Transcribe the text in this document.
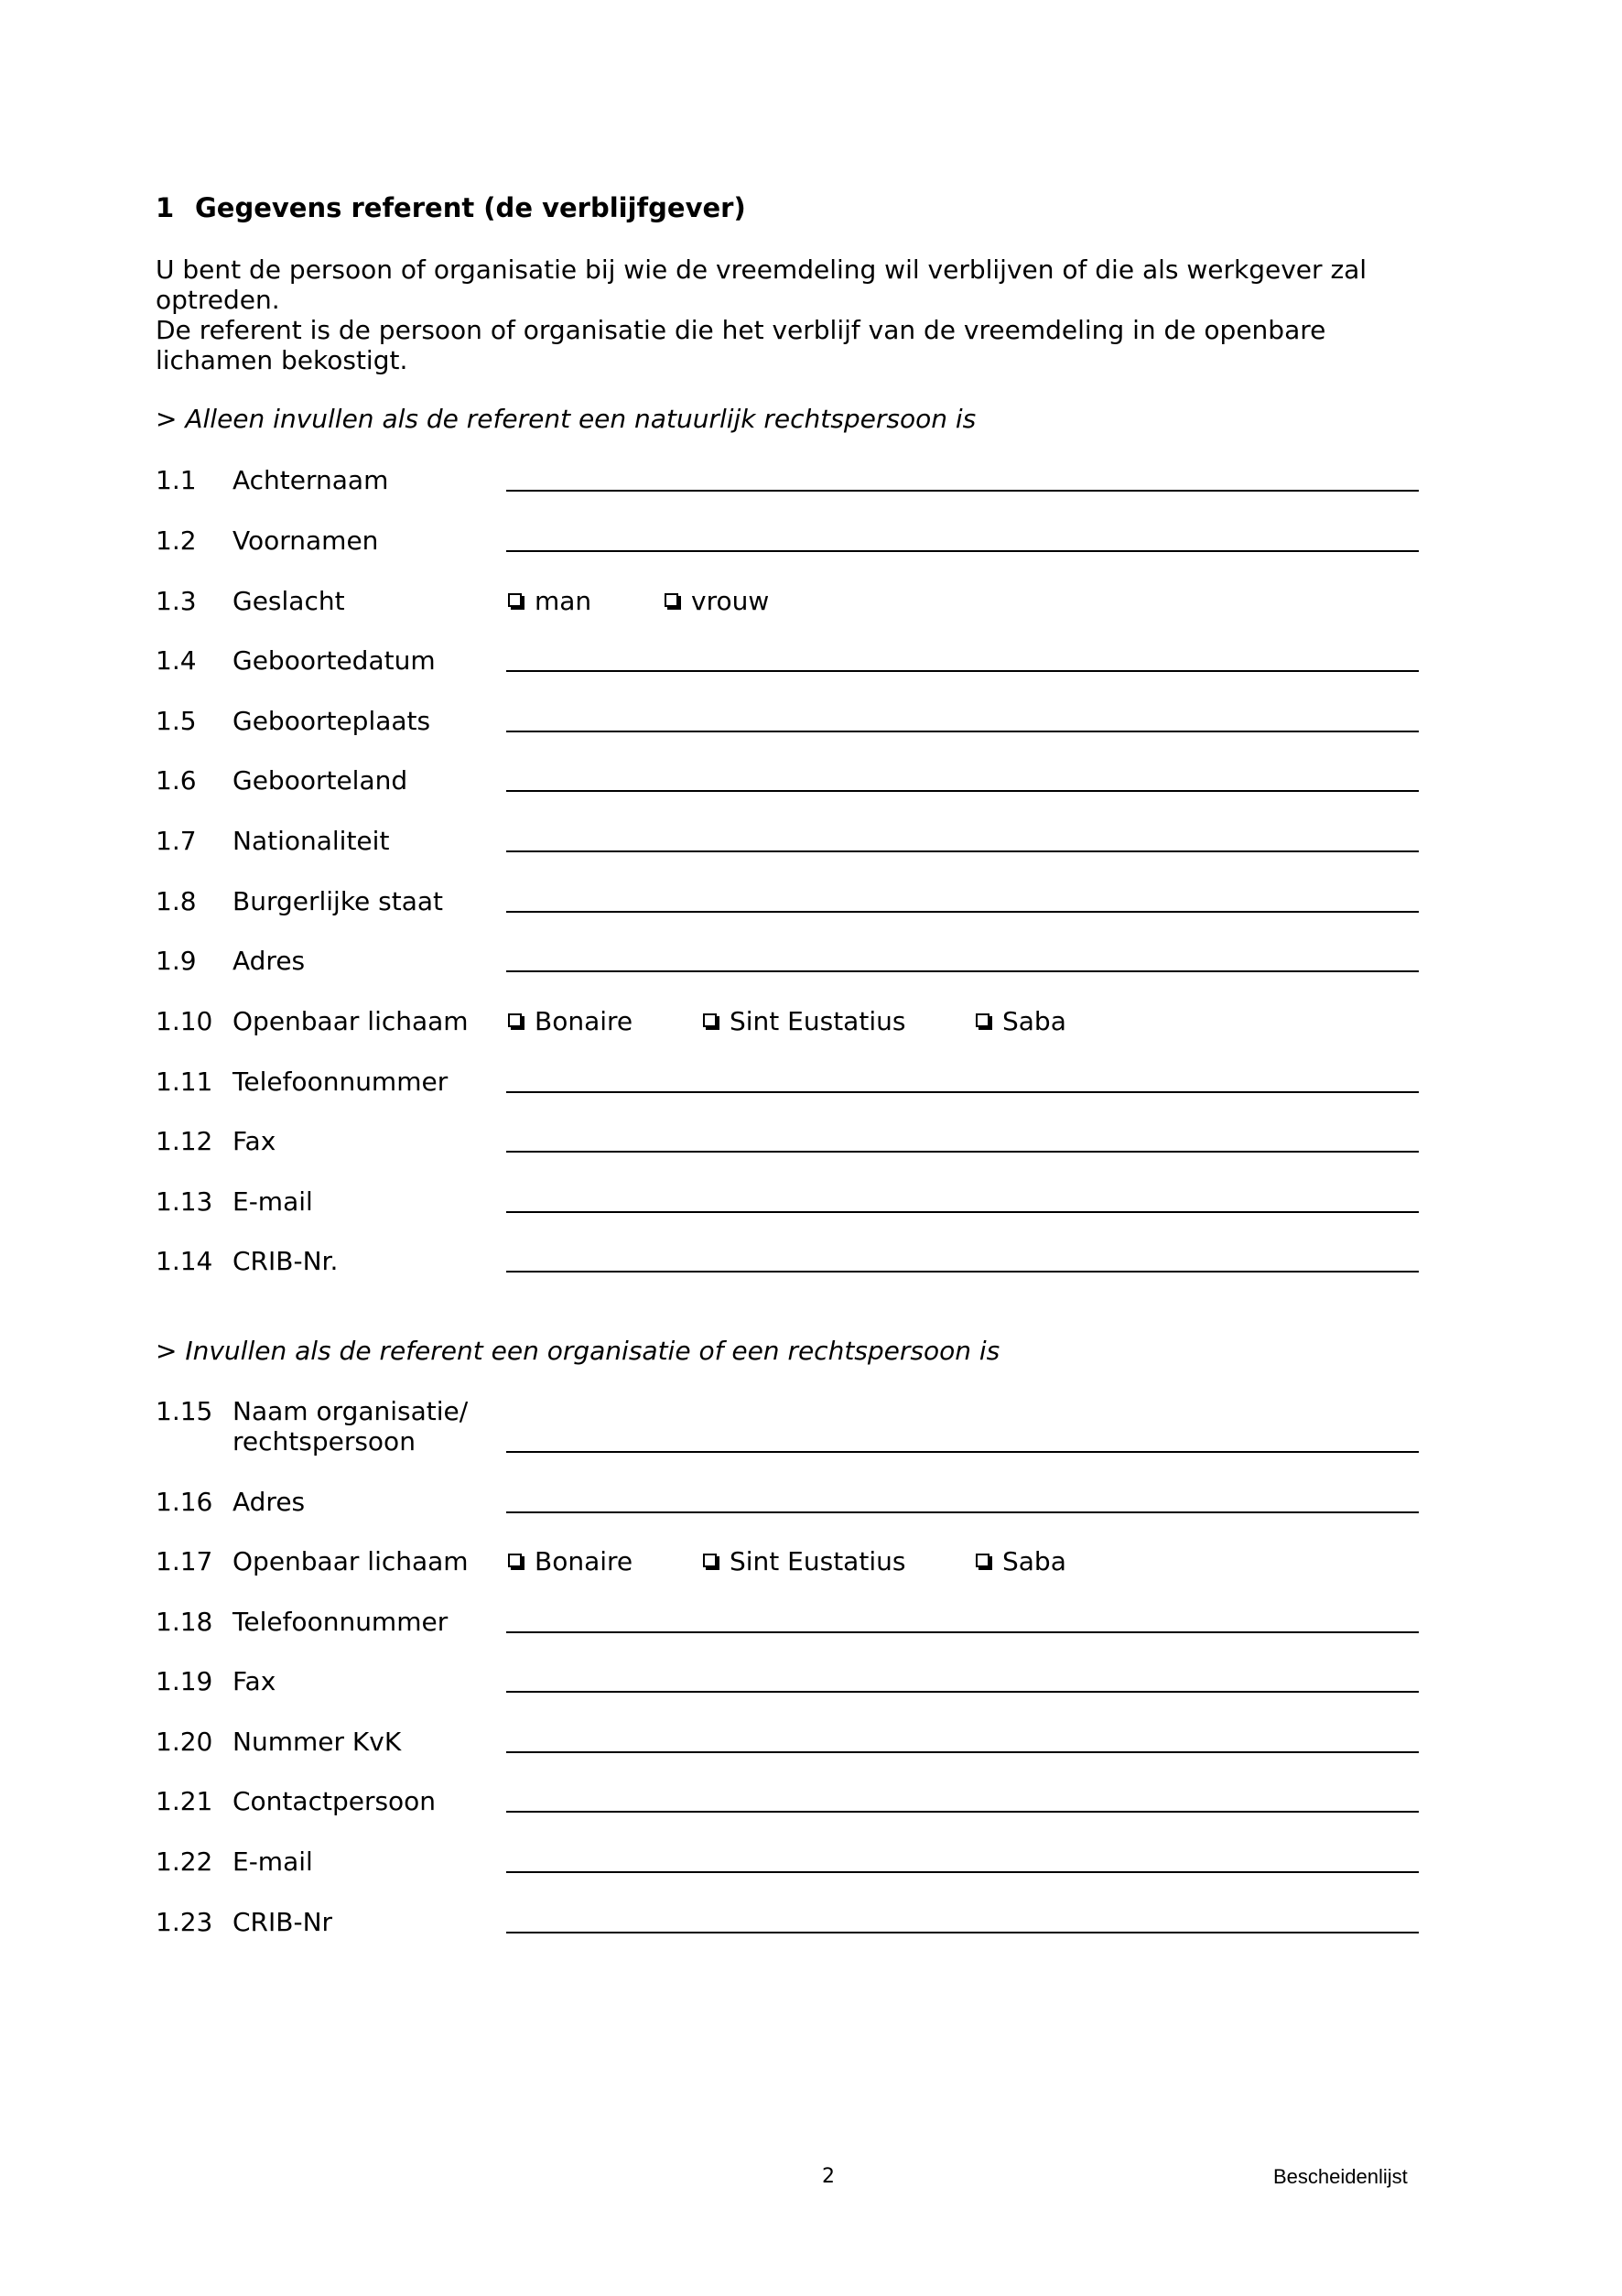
1 Gegevens referent (de verblijfgever)

U bent de persoon of organisatie bij wie de vreemdeling wil verblijven of die als werkgever zal optreden.

De referent is de persoon of organisatie die het verblijf van de vreemdeling in de openbare lichamen bekostigt.

> Alleen invullen als de referent een natuurlijk rechtspersoon is
1.1 Achternaam
1.2 Voornamen
1.3 Geslacht	man	vrouw
1.4 Geboortedatum
1.5 Geboorteplaats
1.6 Geboorteland
1.7 Nationaliteit
1.8 Burgerlijke staat
1.9 Adres
1.10 Openbaar lichaam	Bonaire	Sint Eustatius	Saba
1.11 Telefoonnummer
1.12 Fax
1.13 E-mail
1.14 CRIB-Nr.
> Invullen als de referent een organisatie of een rechtspersoon is
1.15 Naam organisatie/
rechtspersoon
1.16 Adres
1.17 Openbaar lichaam	Bonaire	Sint Eustatius	Saba
1.18 Telefoonnummer
1.19 Fax
1.20 Nummer KvK
1.21 Contactpersoon
1.22 E-mail
1.23 CRIB-Nr
2	Bescheidenlijst
